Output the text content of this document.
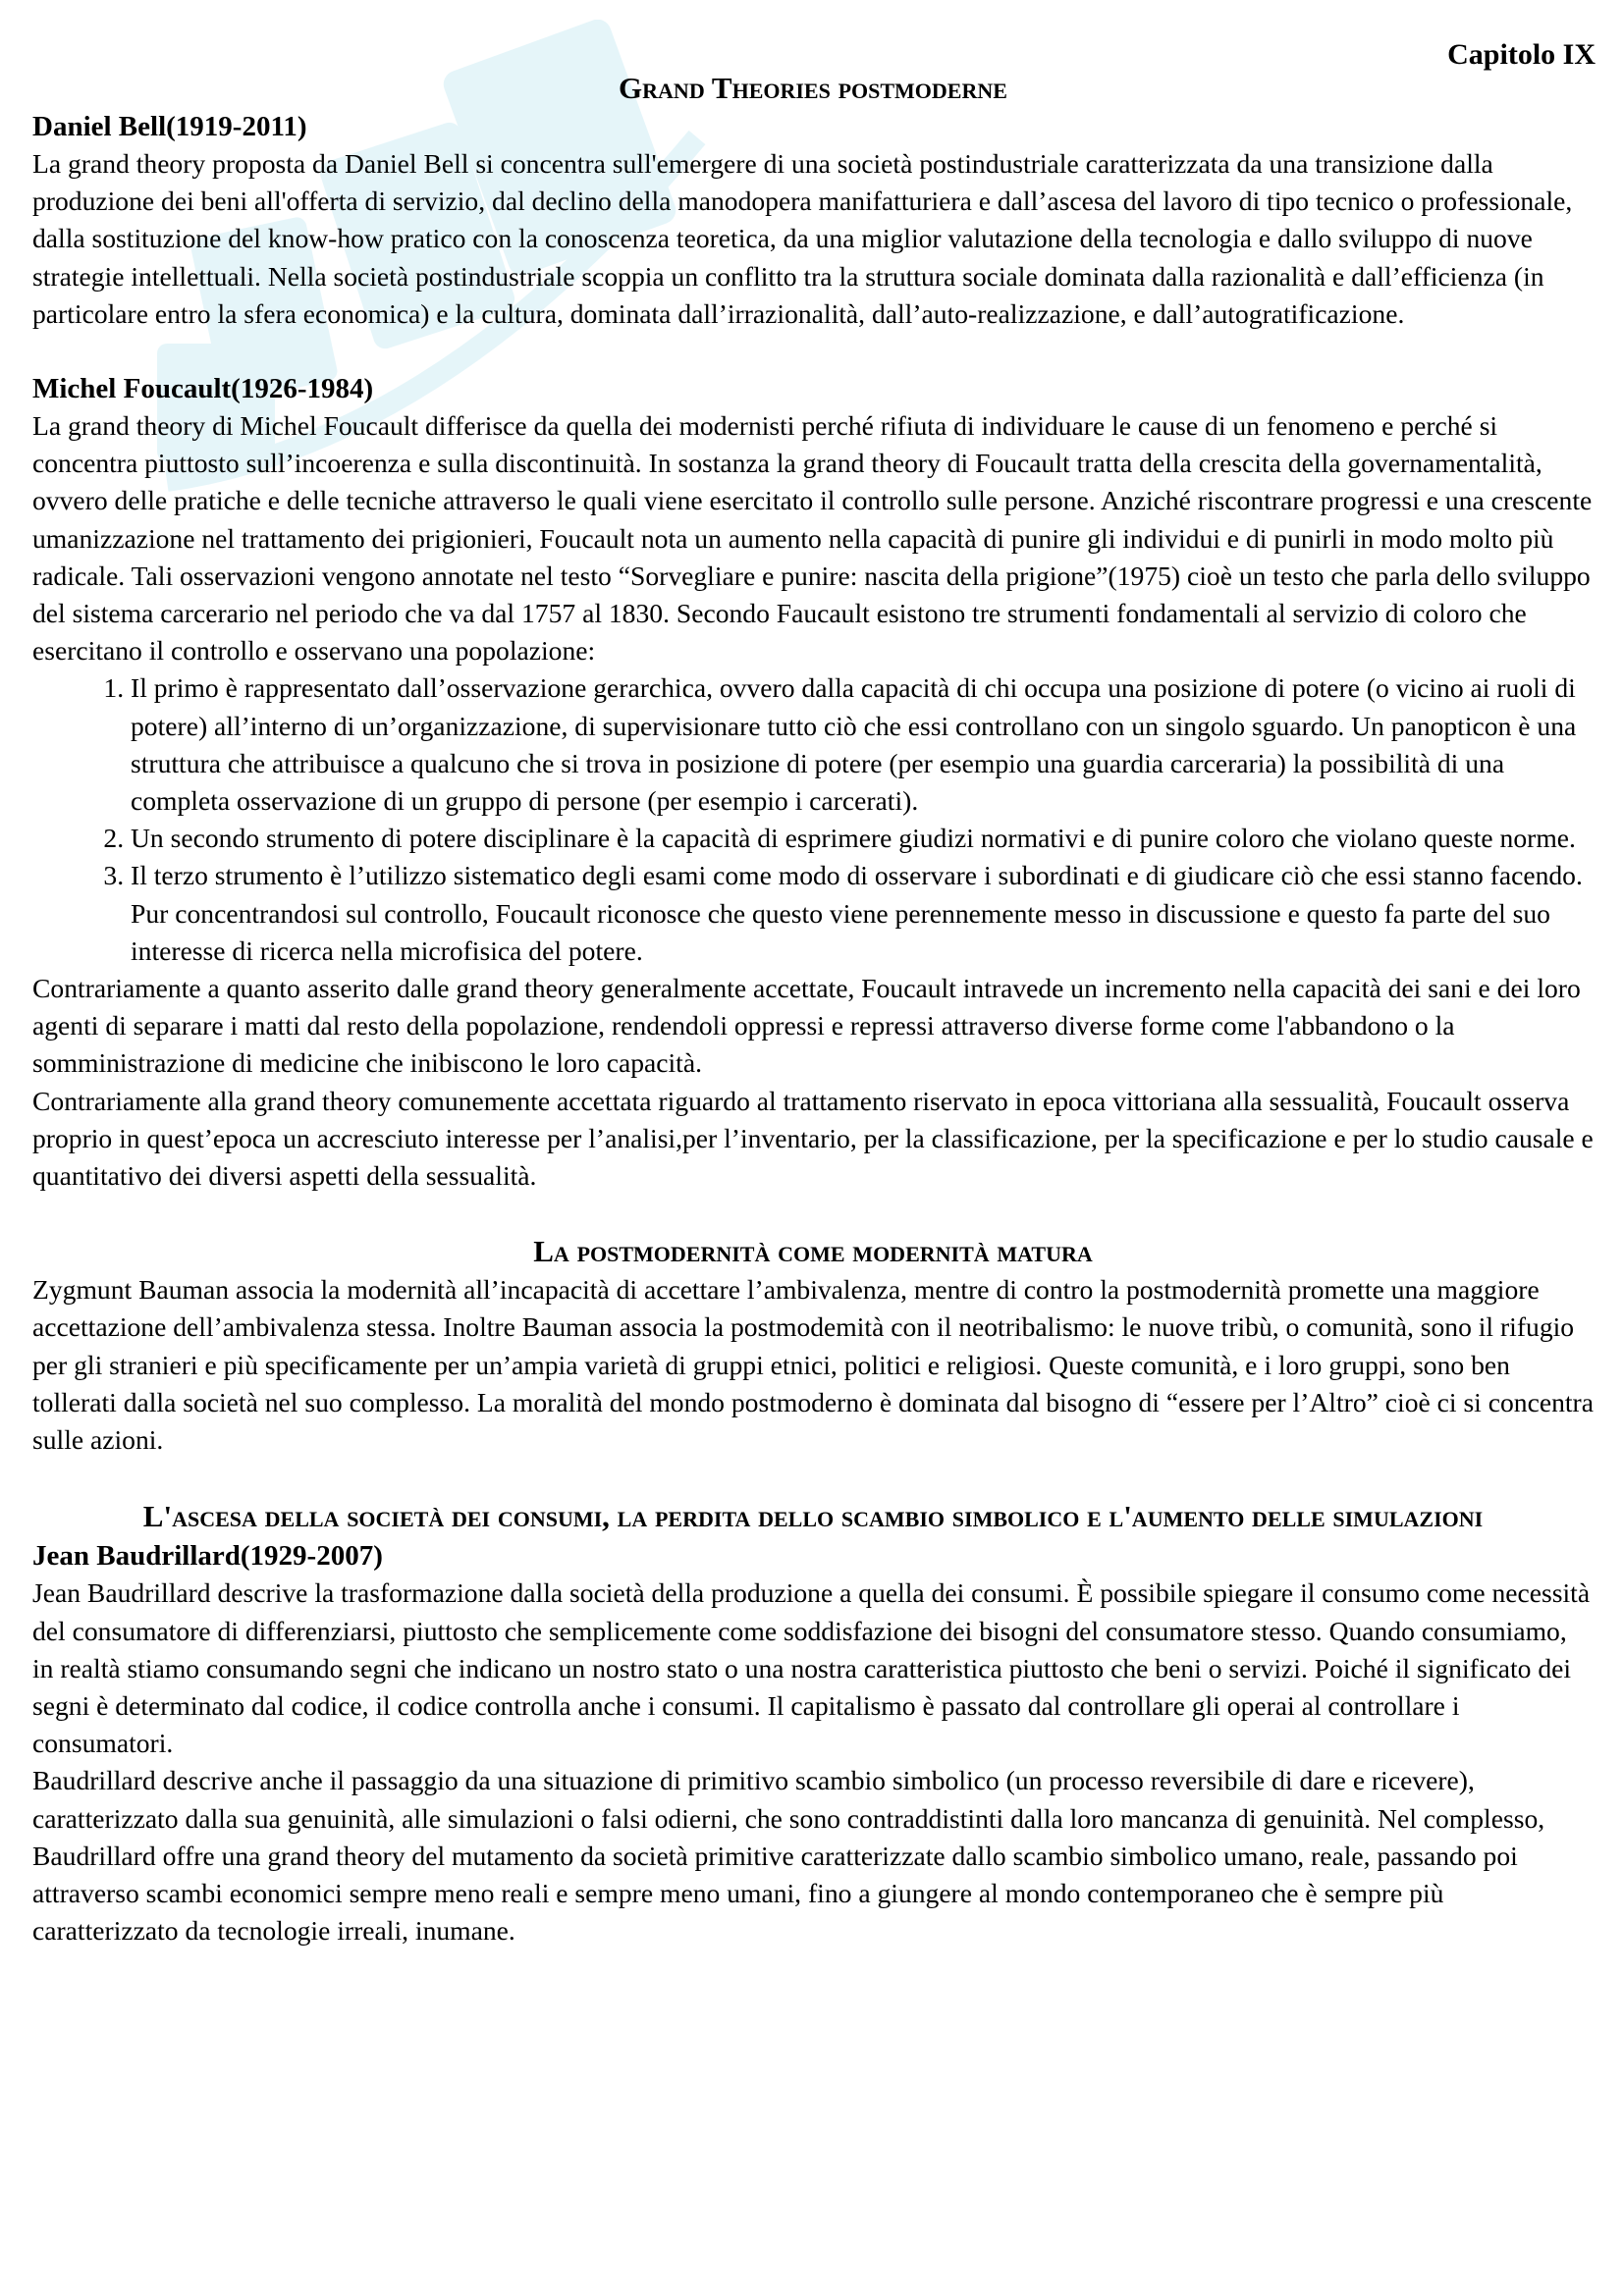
Capitolo IX
Grand Theories postmoderne
Daniel Bell(1919-2011)

La grand theory proposta da Daniel Bell si concentra sull'emergere di una società postindustriale caratterizzata da una transizione dalla produzione dei beni all'offerta di servizio, dal declino della manodopera manifatturiera e dall’ascesa del lavoro di tipo tecnico o professionale, dalla sostituzione del know-how pratico con la conoscenza teoretica, da una miglior valutazione della tecnologia e dallo sviluppo di nuove strategie intellettuali. Nella società postindustriale scoppia un conflitto tra la struttura sociale dominata dalla razionalità e dall’efficienza (in particolare entro la sfera economica) e la cultura, dominata dall’irrazionalità, dall’auto-realizzazione, e dall’autogratificazione.

Michel Foucault(1926-1984)

La grand theory di Michel Foucault differisce da quella dei modernisti perché rifiuta di individuare le cause di un fenomeno e perché si concentra piuttosto sull’incoerenza e sulla discontinuità. In sostanza la grand theory di Foucault tratta della crescita della governamentalità, ovvero delle pratiche e delle tecniche attraverso le quali viene esercitato il controllo sulle persone. Anziché riscontrare progressi e una crescente umanizzazione nel trattamento dei prigionieri, Foucault nota un aumento nella capacità di punire gli individui e di punirli in modo molto più radicale. Tali osservazioni vengono annotate nel testo “Sorvegliare e punire: nascita della prigione”(1975) cioè un testo che parla dello sviluppo del sistema carcerario nel periodo che va dal 1757 al 1830. Secondo Faucault esistono tre strumenti fondamentali al servizio di coloro che esercitano il controllo e osservano una popolazione:

1. Il primo è rappresentato dall’osservazione gerarchica, ovvero dalla capacità di chi occupa una posizione di potere (o vicino ai ruoli di potere) all’interno di un’organizzazione, di supervisionare tutto ciò che essi controllano con un singolo sguardo. Un panopticon è una struttura che attribuisce a qualcuno che si trova in posizione di potere (per esempio una guardia carceraria) la possibilità di una completa osservazione di un gruppo di persone (per esempio i carcerati).
2. Un secondo strumento di potere disciplinare è la capacità di esprimere giudizi normativi e di punire coloro che violano queste norme.
3. Il terzo strumento è l’utilizzo sistematico degli esami come modo di osservare i subordinati e di giudicare ciò che essi stanno facendo. Pur concentrandosi sul controllo, Foucault riconosce che questo viene perennemente messo in discussione e questo fa parte del suo interesse di ricerca nella microfisica del potere.

Contrariamente a quanto asserito dalle grand theory generalmente accettate, Foucault intravede un incremento nella capacità dei sani e dei loro agenti di separare i matti dal resto della popolazione, rendendoli oppressi e repressi attraverso diverse forme come l'abbandono o la somministrazione di medicine che inibiscono le loro capacità.

Contrariamente alla grand theory comunemente accettata riguardo al trattamento riservato in epoca vittoriana alla sessualità, Foucault osserva proprio in quest’epoca un accresciuto interesse per l’analisi,per l’inventario, per la classificazione, per la specificazione e per lo studio causale e quantitativo dei diversi aspetti della sessualità.

La postmodernità come modernità matura

Zygmunt Bauman associa la modernità all’incapacità di accettare l’ambivalenza, mentre di contro la postmodernità promette una maggiore accettazione dell’ambivalenza stessa. Inoltre Bauman associa la postmodemità con il neotribalismo: le nuove tribù, o comunità, sono il rifugio per gli stranieri e più specificamente per un’ampia varietà di gruppi etnici, politici e religiosi. Queste comunità, e i loro gruppi, sono ben tollerati dalla società nel suo complesso. La moralità del mondo postmoderno è dominata dal bisogno di “essere per l’Altro” cioè ci si concentra sulle azioni.

L'ascesa della società dei consumi, la perdita dello scambio simbolico e l'aumento delle simulazioni
Jean Baudrillard(1929-2007)

Jean Baudrillard descrive la trasformazione dalla società della produzione a quella dei consumi. È possibile spiegare il consumo come necessità del consumatore di differenziarsi, piuttosto che semplicemente come soddisfazione dei bisogni del consumatore stesso. Quando consumiamo, in realtà stiamo consumando segni che indicano un nostro stato o una nostra caratteristica piuttosto che beni o servizi. Poiché il significato dei segni è determinato dal codice, il codice controlla anche i consumi. Il capitalismo è passato dal controllare gli operai al controllare i consumatori.

Baudrillard descrive anche il passaggio da una situazione di primitivo scambio simbolico (un processo reversibile di dare e ricevere), caratterizzato dalla sua genuinità, alle simulazioni o falsi odierni, che sono contraddistinti dalla loro mancanza di genuinità. Nel complesso, Baudrillard offre una grand theory del mutamento da società primitive caratterizzate dallo scambio simbolico umano, reale, passando poi attraverso scambi economici sempre meno reali e sempre meno umani, fino a giungere al mondo contemporaneo che è sempre più caratterizzato da tecnologie irreali, inumane.
